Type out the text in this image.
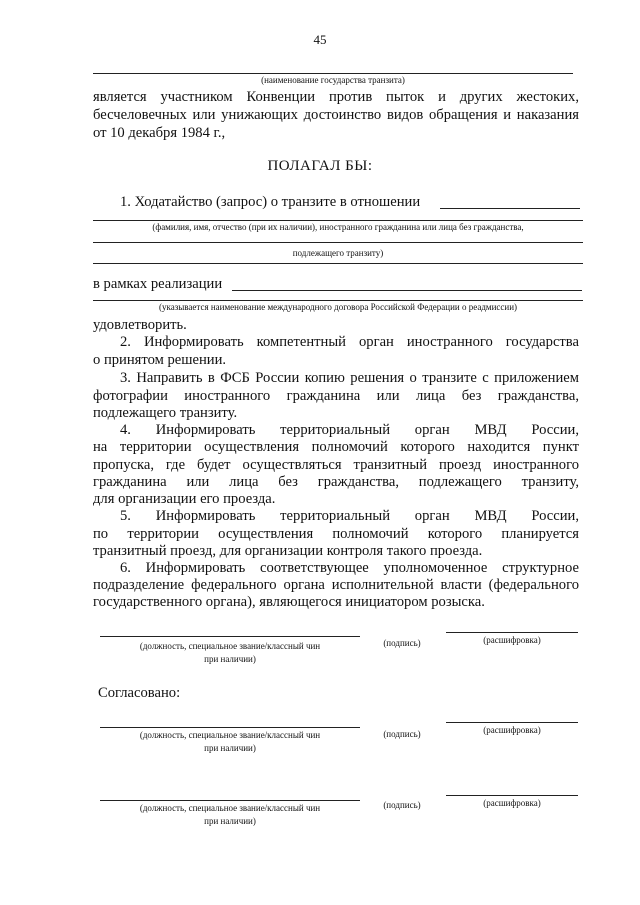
45
(наименование государства транзита)
является участником Конвенции против пыток и других жестоких,
бесчеловечных или унижающих достоинство видов обращения и наказания
от 10 декабря 1984 г.,
ПОЛАГАЛ БЫ:
1. Ходатайство (запрос) о транзите в отношении
(фамилия, имя, отчество (при их наличии), иностранного гражданина или лица без гражданства,
подлежащего транзиту)
в рамках реализации
(указывается наименование международного договора Российской Федерации о реадмиссии)
удовлетворить.
2. Информировать компетентный орган иностранного государства
о принятом решении.
3. Направить в ФСБ России копию решения о транзите с приложением
фотографии иностранного гражданина или лица без гражданства,
подлежащего транзиту.
4. Информировать территориальный орган МВД России,
на территории осуществления полномочий которого находится пункт
пропуска, где будет осуществляться транзитный проезд иностранного
гражданина или лица без гражданства, подлежащего транзиту,
для организации его проезда.
5. Информировать территориальный орган МВД России,
по территории осуществления полномочий которого планируется
транзитный проезд, для организации контроля такого проезда.
6. Информировать соответствующее уполномоченное структурное
подразделение федерального органа исполнительной власти (федерального
государственного органа), являющегося инициатором розыска.
(должность, специальное звание/классный чин
при наличии)
(подпись)	(расшифровка)
Согласовано:
(должность, специальное звание/классный чин
при наличии)
(подпись)	(расшифровка)
(должность, специальное звание/классный чин
при наличии)
(подпись)	(расшифровка)
